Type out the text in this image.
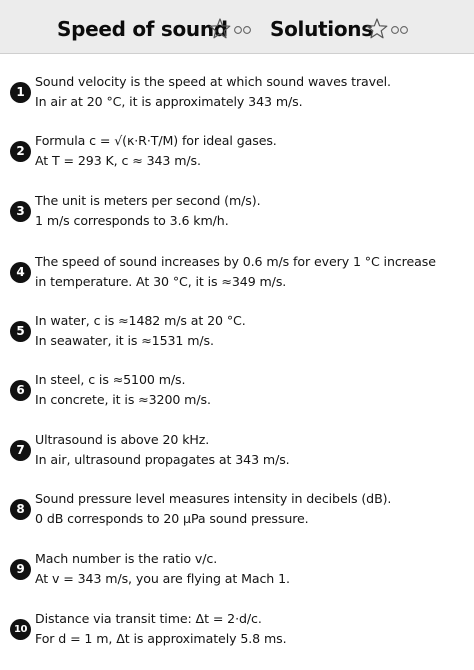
Speed of sound Solutions
1
Sound velocity is the speed at which sound waves travel.
In air at 20 °C, it is approximately 343 m/s.
2
Formula c = √(κ·R·T/M) for ideal gases.
At T = 293 K, c ≈ 343 m/s.
3
The unit is meters per second (m/s).
1 m/s corresponds to 3.6 km/h.
4
The speed of sound increases by 0.6 m/s for every 1 °C increase
in temperature. At 30 °C, it is ≈349 m/s.
5
In water, c is ≈1482 m/s at 20 °C.
In seawater, it is ≈1531 m/s.
6
In steel, c is ≈5100 m/s.
In concrete, it is ≈3200 m/s.
7
Ultrasound is above 20 kHz.
In air, ultrasound propagates at 343 m/s.
8
Sound pressure level measures intensity in decibels (dB).
0 dB corresponds to 20 μPa sound pressure.
9
Mach number is the ratio v/c.
At v = 343 m/s, you are flying at Mach 1.
10
Distance via transit time: Δt = 2·d/c.
For d = 1 m, Δt is approximately 5.8 ms.
